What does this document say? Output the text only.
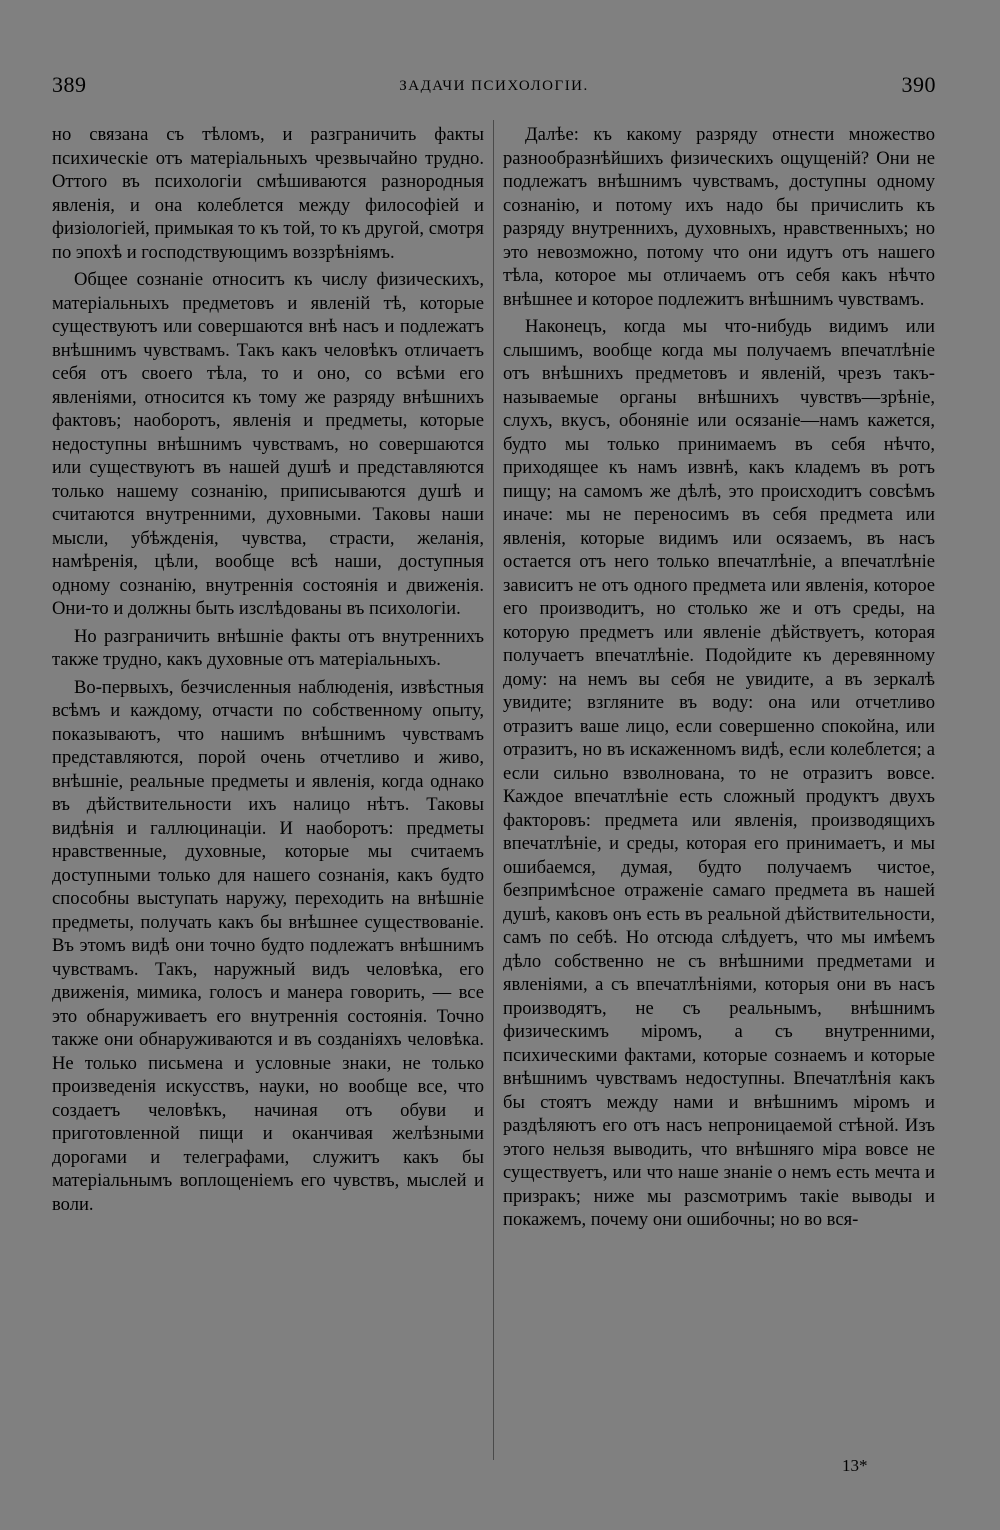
389	ЗАДАЧИ ПСИХОЛОГІИ.	390

но связана съ тѣломъ, и разграничить факты психическіе отъ матеріальныхъ чрезвычайно трудно. Оттого въ психологіи смѣшиваются разнородныя явленія, и она колеблется между философіей и физіологіей, примыкая то къ той, то къ другой, смотря по эпохѣ и господствующимъ воззрѣніямъ.

Общее сознаніе относитъ къ числу физическихъ, матеріальныхъ предметовъ и явленій тѣ, которые существуютъ или совершаются внѣ насъ и подлежатъ внѣшнимъ чувствамъ. Такъ какъ человѣкъ отличаетъ себя отъ своего тѣла, то и оно, со всѣми его явленіями, относится къ тому же разряду внѣшнихъ фактовъ; наоборотъ, явленія и предметы, которые недоступны внѣшнимъ чувствамъ, но совершаются или существуютъ въ нашей душѣ и представляются только нашему сознанію, приписываются душѣ и считаются внутренними, духовными. Таковы наши мысли, убѣжденія, чувства, страсти, желанія, намѣренія, цѣли, вообще всѣ наши, доступныя одному сознанію, внутреннія состоянія и движенія. Они-то и должны быть изслѣдованы въ психологіи.

Но разграничить внѣшніе факты отъ внутреннихъ также трудно, какъ духовные отъ матеріальныхъ.

Во-первыхъ, безчисленныя наблюденія, извѣстныя всѣмъ и каждому, отчасти по собственному опыту, показываютъ, что нашимъ внѣшнимъ чувствамъ представляются, порой очень отчетливо и живо, внѣшніе, реальные предметы и явленія, когда однако въ дѣйствительности ихъ налицо нѣтъ. Таковы видѣнія и галлюцинаціи. И наоборотъ: предметы нравственные, духовные, которые мы считаемъ доступными только для нашего сознанія, какъ будто способны выступать наружу, переходить на внѣшніе предметы, получать какъ бы внѣшнее существованіе. Въ этомъ видѣ они точно будто подлежатъ внѣшнимъ чувствамъ. Такъ, наружный видъ человѣка, его движенія, мимика, голосъ и манера говорить, — все это обнаруживаетъ его внутреннія состоянія. Точно также они обнаруживаются и въ созданіяхъ человѣка. Не только письмена и условные знаки, не только произведенія искусствъ, науки, но вообще все, что создаетъ человѣкъ, начиная отъ обуви и приготовленной пищи и оканчивая желѣзными дорогами и телеграфами, служитъ какъ бы матеріальнымъ воплощеніемъ его чувствъ, мыслей и воли.

Далѣе: къ какому разряду отнести множество разнообразнѣйшихъ физическихъ ощущеній? Они не подлежатъ внѣшнимъ чувствамъ, доступны одному сознанію, и потому ихъ надо бы причислить къ разряду внутреннихъ, духовныхъ, нравственныхъ; но это невозможно, потому что они идутъ отъ нашего тѣла, которое мы отличаемъ отъ себя какъ нѣчто внѣшнее и которое подлежитъ внѣшнимъ чувствамъ.

Наконецъ, когда мы что-нибудь видимъ или слышимъ, вообще когда мы получаемъ впечатлѣніе отъ внѣшнихъ предметовъ и явленій, чрезъ такъ-называемые органы внѣшнихъ чувствъ—зрѣніе, слухъ, вкусъ, обоняніе или осязаніе—намъ кажется, будто мы только принимаемъ въ себя нѣчто, приходящее къ намъ извнѣ, какъ кладемъ въ ротъ пищу; на самомъ же дѣлѣ, это происходитъ совсѣмъ иначе: мы не переносимъ въ себя предмета или явленія, которые видимъ или осязаемъ, въ насъ остается отъ него только впечатлѣніе, а впечатлѣніе зависитъ не отъ одного предмета или явленія, которое его производитъ, но столько же и отъ среды, на которую предметъ или явленіе дѣйствуетъ, которая получаетъ впечатлѣніе. Подойдите къ деревянному дому: на немъ вы себя не увидите, а въ зеркалѣ увидите; взгляните въ воду: она или отчетливо отразитъ ваше лицо, если совершенно спокойна, или отразитъ, но въ искаженномъ видѣ, если колеблется; а если сильно взволнована, то не отразитъ вовсе. Каждое впечатлѣніе есть сложный продуктъ двухъ факторовъ: предмета или явленія, производящихъ впечатлѣніе, и среды, которая его принимаетъ, и мы ошибаемся, думая, будто получаемъ чистое, безпримѣсное отраженіе самаго предмета въ нашей душѣ, каковъ онъ есть въ реальной дѣйствительности, самъ по себѣ. Но отсюда слѣдуетъ, что мы имѣемъ дѣло собственно не съ внѣшними предметами и явленіями, а съ впечатлѣніями, которыя они въ насъ производятъ, не съ реальнымъ, внѣшнимъ физическимъ міромъ, а съ внутренними, психическими фактами, которые сознаемъ и которые внѣшнимъ чувствамъ недоступны. Впечатлѣнія какъ бы стоятъ между нами и внѣшнимъ міромъ и раздѣляютъ его отъ насъ непроницаемой стѣной. Изъ этого нельзя выводить, что внѣшняго міра вовсе не существуетъ, или что наше знаніе о немъ есть мечта и призракъ; ниже мы разсмотримъ такіе выводы и покажемъ, почему они ошибочны; но во вся-

13*
